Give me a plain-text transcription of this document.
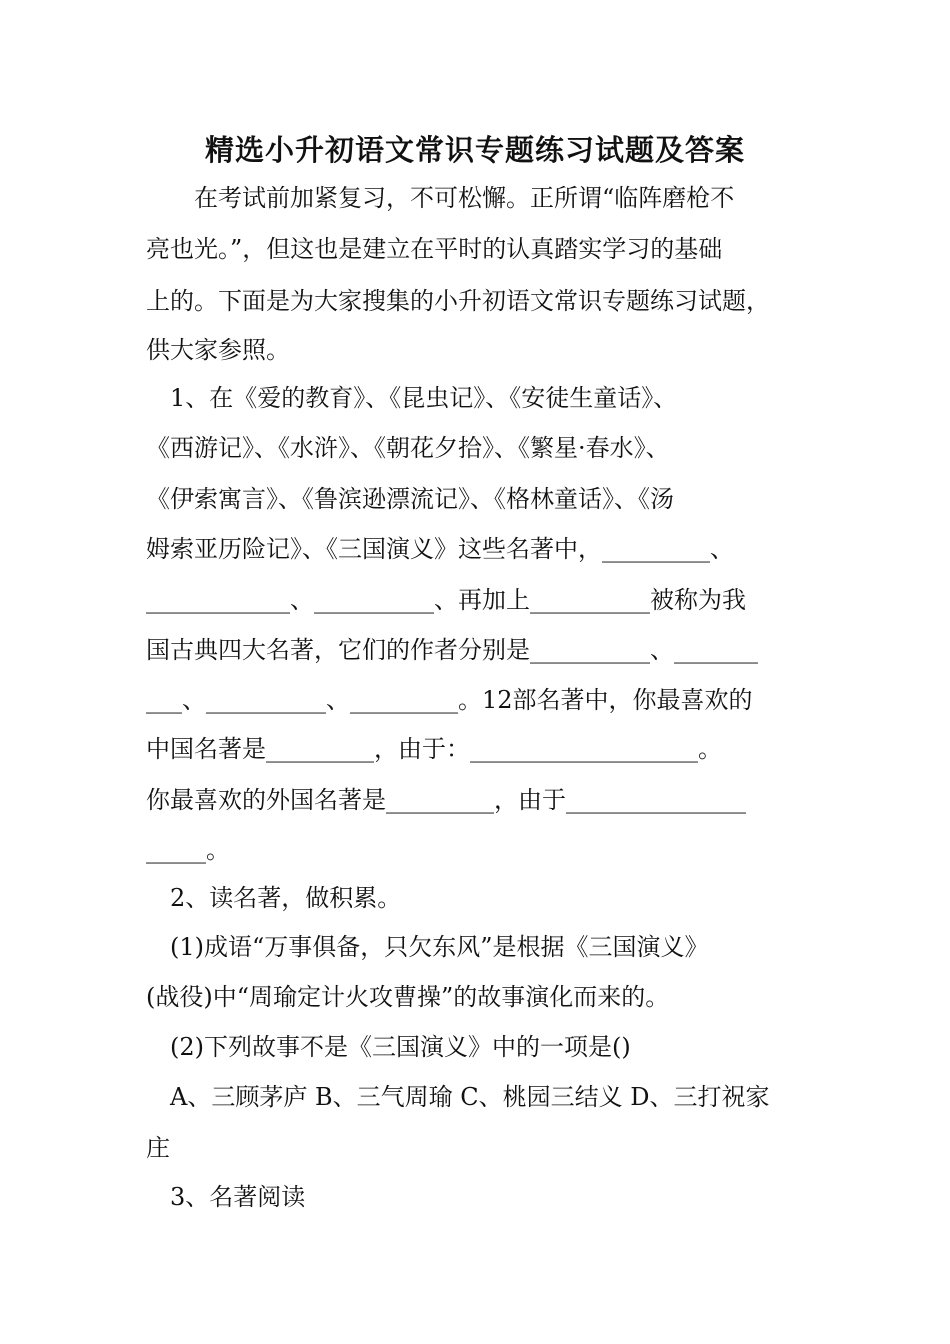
精选小升初语文常识专题练习试题及答案
　　在考试前加紧复习，不可松懈。正所谓“临阵磨枪不
亮也光。”，但这也是建立在平时的认真踏实学习的基础
上的。下面是为大家搜集的小升初语文常识专题练习试题，
供大家参照。
　1、在《爱的教育》、《昆虫记》、《安徒生童话》、
《西游记》、《水浒》、《朝花夕拾》、《繁星·春水》、
《伊索寓言》、《鲁滨逊漂流记》、《格林童话》、《汤
姆索亚历险记》、《三国演义》这些名著中，_________、
____________、__________、再加上__________被称为我
国古典四大名著，它们的作者分别是__________、_______
___、__________、_________。12部名著中，你最喜欢的
中国名著是_________，由于：___________________。
你最喜欢的外国名著是_________，由于_______________
_____。
　2、读名著，做积累。
　(1)成语“万事俱备，只欠东风”是根据《三国演义》
(战役)中“周瑜定计火攻曹操”的故事演化而来的。
　(2)下列故事不是《三国演义》中的一项是()
　A、三顾茅庐 B、三气周瑜 C、桃园三结义 D、三打祝家
庄
　3、名著阅读
